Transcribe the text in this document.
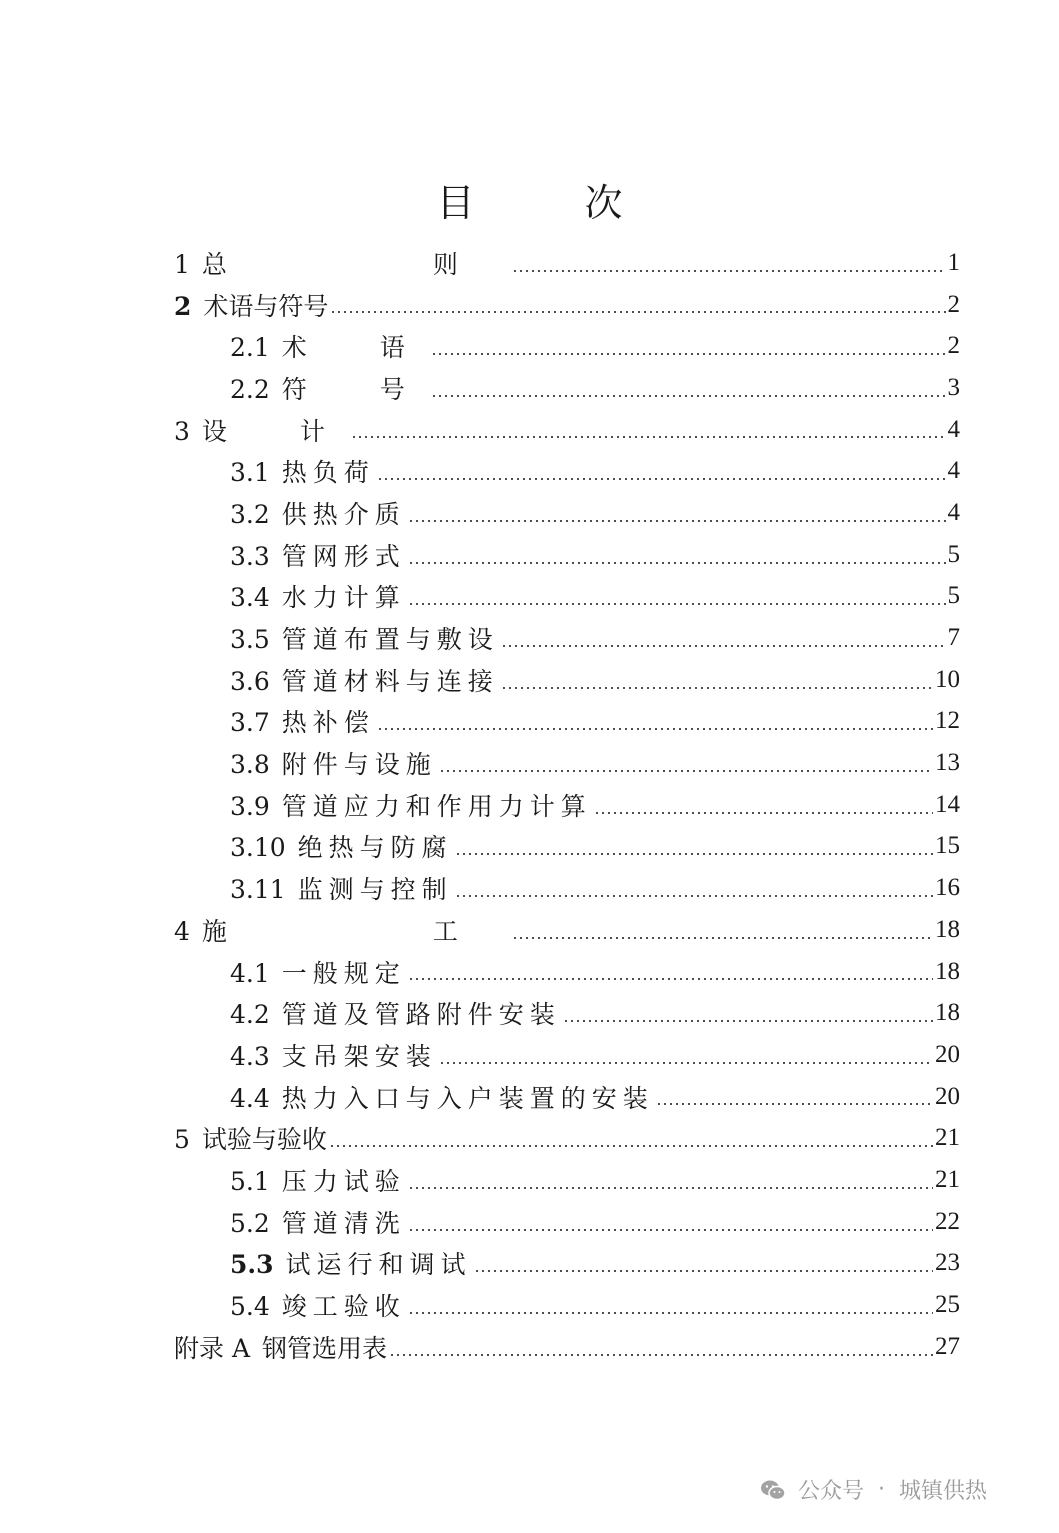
目　次
1 总　　则	1
2 术语与符号	2
2.1 术　语	2
2.2 符　号	3
3 设　计	4
3.1 热负荷	4
3.2 供热介质	4
3.3 管网形式	5
3.4 水力计算	5
3.5 管道布置与敷设	7
3.6 管道材料与连接	10
3.7 热补偿	12
3.8 附件与设施	13
3.9 管道应力和作用力计算	14
3.10 绝热与防腐	15
3.11 监测与控制	16
4 施　　工	18
4.1 一般规定	18
4.2 管道及管路附件安装	18
4.3 支吊架安装	20
4.4 热力入口与入户装置的安装	20
5 试验与验收	21
5.1 压力试验	21
5.2 管道清洗	22
5.3 试运行和调试	23
5.4 竣工验收	25
附录 A 钢管选用表	27
公众号 · 城镇供热
